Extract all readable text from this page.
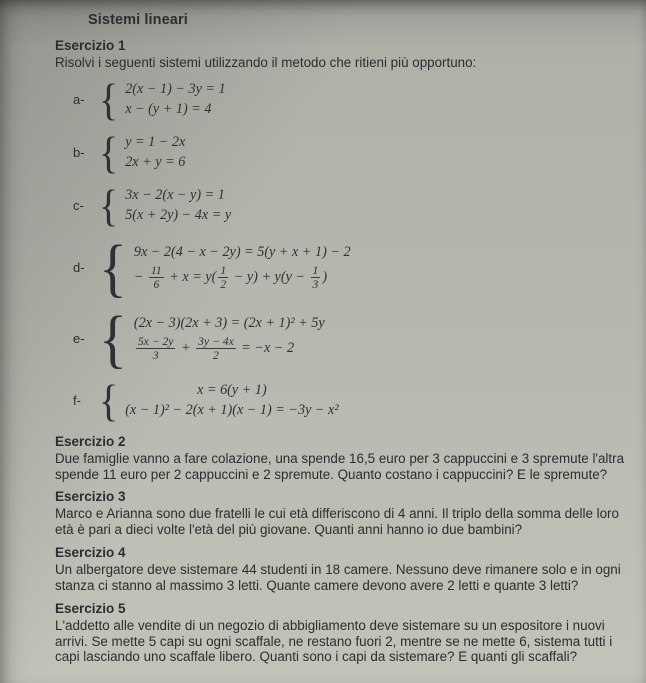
Sistemi lineari
Esercizio 1

Risolvi i seguenti sistemi utilizzando il metodo che ritieni più opportuno:

a- { 2(x − 1) − 3y = 1
x − (y + 1) = 4
b- { y = 1 − 2x
2x + y = 6
c- { 3x − 2(x − y) = 1
5(x + 2y) − 4x = y
d- { 9x − 2(4 − x − 2y) = 5(y + x + 1) − 2
− $\frac{11}{6} + x = y( \frac{1}{2} - y) + y(y - \frac{1}{3}$ )
e- { (2x − 3)(2x + 3) = (2x + 1)² + 5y
$\frac{5x - 2y}{3} + \frac{3y - 4x}{2} = -x - 2$
f- {	x = 6(y + 1)
(x − 1)² − 2(x + 1)(x − 1) = −3y − x²
Esercizio 2

Due famiglie vanno a fare colazione, una spende 16,5 euro per 3 cappuccini e 3 spremute l'altra spende 11 euro per 2 cappuccini e 2 spremute. Quanto costano i cappuccini? E le spremute?

Esercizio 3

Marco e Arianna sono due fratelli le cui età differiscono di 4 anni. Il triplo della somma delle loro età è pari a dieci volte l'età del più giovane. Quanti anni hanno io due bambini?

Esercizio 4

Un albergatore deve sistemare 44 studenti in 18 camere. Nessuno deve rimanere solo e in ogni stanza ci stanno al massimo 3 letti. Quante camere devono avere 2 letti e quante 3 letti?

Esercizio 5

L'addetto alle vendite di un negozio di abbigliamento deve sistemare su un espositore i nuovi arrivi. Se mette 5 capi su ogni scaffale, ne restano fuori 2, mentre se ne mette 6, sistema tutti i capi lasciando uno scaffale libero. Quanti sono i capi da sistemare? E quanti gli scaffali?
